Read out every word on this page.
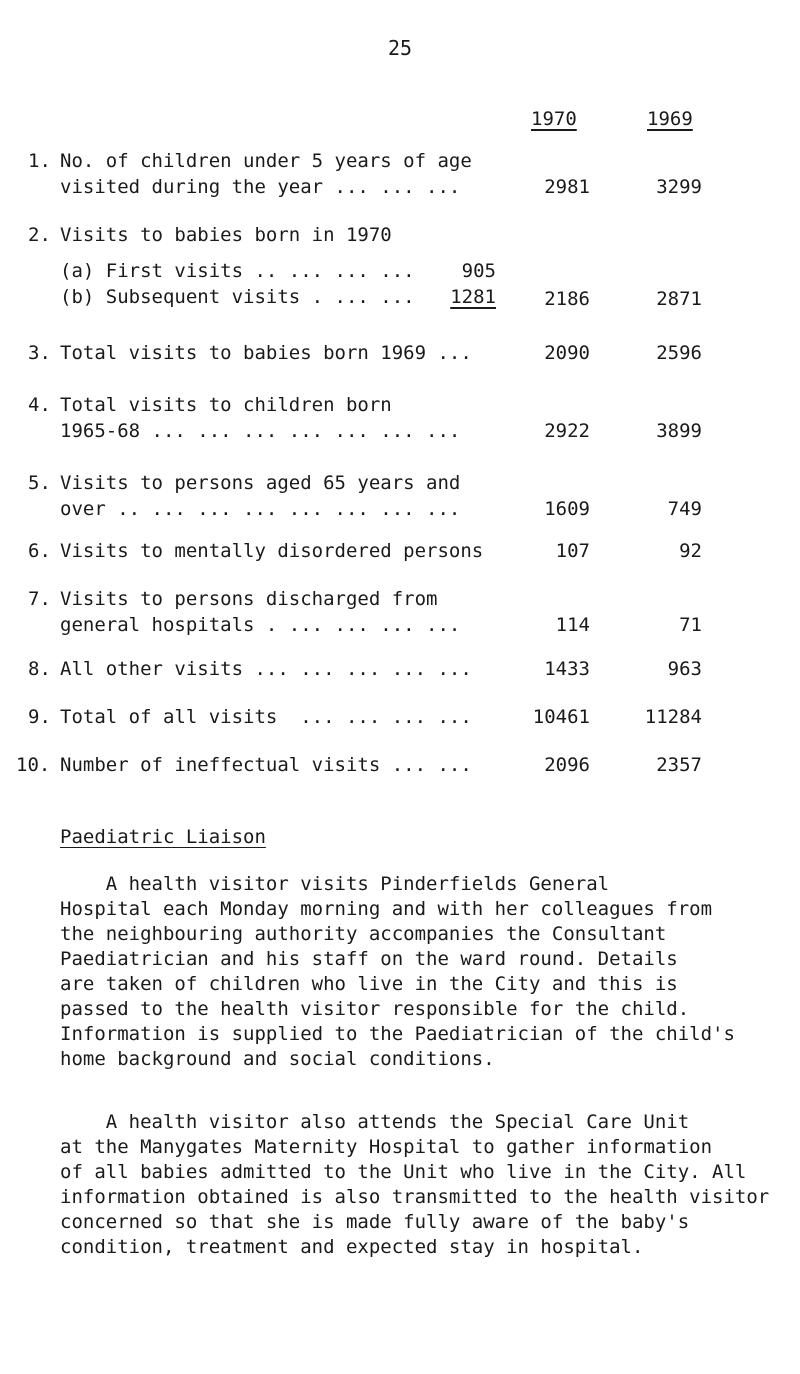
25
1970	1969
1. No. of children under 5 years of age
visited during the year ... ... ...	2981	3299
2. Visits to babies born in 1970
(a) First visits .. ... ... ...	905
(b) Subsequent visits . ... ...	1281	2186	2871
3. Total visits to babies born 1969 ...	2090	2596
4. Total visits to children born
1965-68 ... ... ... ... ... ... ...	2922	3899
5. Visits to persons aged 65 years and
over .. ... ... ... ... ... ... ...	1609	749
6. Visits to mentally disordered persons	107	92
7. Visits to persons discharged from
general hospitals . ... ... ... ...	114	71
8. All other visits ... ... ... ... ...	1433	963
9. Total of all visits  ... ... ... ...	10461	11284
10. Number of ineffectual visits ... ...	2096	2357
Paediatric Liaison

A health visitor visits Pinderfields General

Hospital each Monday morning and with her colleagues from

the neighbouring authority accompanies the Consultant

Paediatrician and his staff on the ward round. Details

are taken of children who live in the City and this is

passed to the health visitor responsible for the child.

Information is supplied to the Paediatrician of the child's

home background and social conditions.

A health visitor also attends the Special Care Unit

at the Manygates Maternity Hospital to gather information

of all babies admitted to the Unit who live in the City. All

information obtained is also transmitted to the health visitor

concerned so that she is made fully aware of the baby's

condition, treatment and expected stay in hospital.
